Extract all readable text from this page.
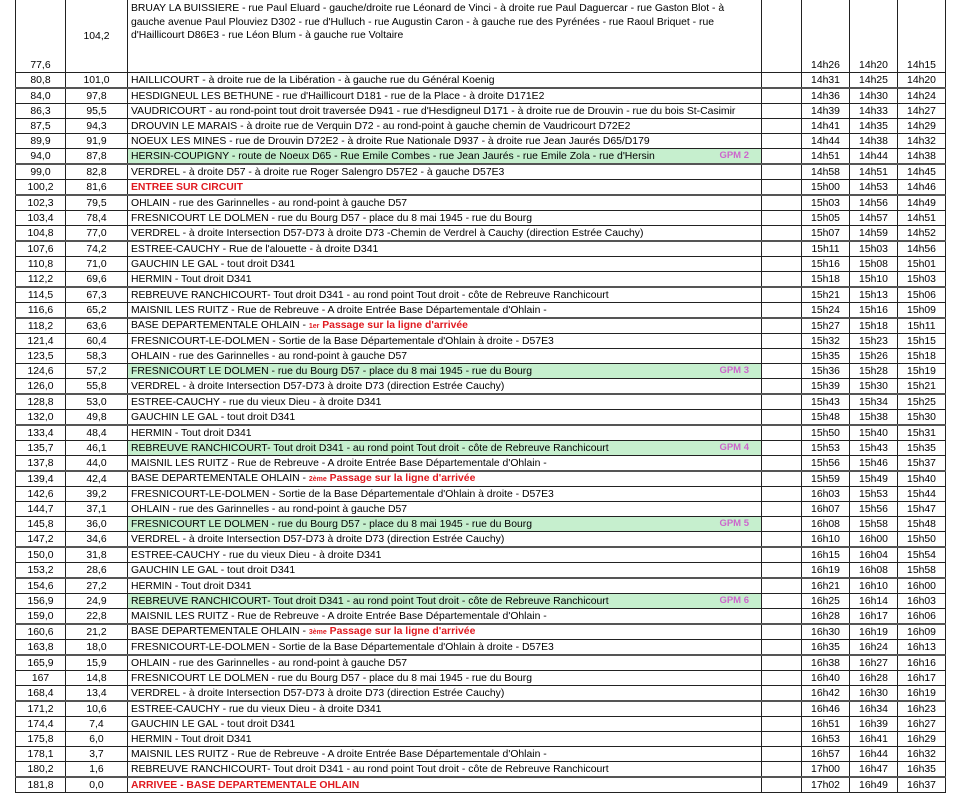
77,6	104,2	BRUAY LA BUISSIERE - rue Paul Eluard - gauche/droite rue Léonard de Vinci - à droite rue Paul Daguercar - rue Gaston Blot - à gauche avenue Paul Plouviez D302 - rue d'Hulluch - rue Augustin Caron - à gauche rue des Pyrénées - rue Raoul Briquet - rue d'Haillicourt D86E3 - rue Léon Blum - à gauche rue Voltaire		14h26	14h20	14h15
80,8	101,0	HAILLICOURT - à droite rue de la Libération - à gauche rue du Général Koenig		14h31	14h25	14h20
84,0	97,8	HESDIGNEUL LES BETHUNE - rue d'Haillicourt D181 - rue de la Place - à droite D171E2		14h36	14h30	14h24
86,3	95,5	VAUDRICOURT - au rond-point tout droit traversée D941 - rue d'Hesdigneul D171 - à droite rue de Drouvin - rue du bois St-Casimir		14h39	14h33	14h27
87,5	94,3	DROUVIN LE MARAIS - à droite rue de Verquin D72 - au rond-point à gauche chemin de Vaudricourt D72E2		14h41	14h35	14h29
89,9	91,9	NOEUX LES MINES - rue de Drouvin D72E2 - à droite Rue Nationale D937 - à droite rue Jean Jaurés D65/D179		14h44	14h38	14h32
94,0	87,8	HERSIN-COUPIGNY - route de Noeux D65 - Rue Emile Combes - rue Jean Jaurés - rue Emile Zola - rue d'Hersin GPM 2		14h51	14h44	14h38
99,0	82,8	VERDREL - à droite D57 - à droite rue Roger Salengro D57E2 - à gauche D57E3		14h58	14h51	14h45
100,2	81,6	ENTREE SUR CIRCUIT		15h00	14h53	14h46
102,3	79,5	OHLAIN - rue des Garinnelles - au rond-point à gauche D57		15h03	14h56	14h49
103,4	78,4	FRESNICOURT LE DOLMEN - rue du Bourg D57 - place du 8 mai 1945 - rue du Bourg		15h05	14h57	14h51
104,8	77,0	VERDREL - à droite Intersection D57-D73 à droite D73 -Chemin de Verdrel à Cauchy (direction Estrée Cauchy)		15h07	14h59	14h52
107,6	74,2	ESTREE-CAUCHY - Rue de l'alouette - à droite D341		15h11	15h03	14h56
110,8	71,0	GAUCHIN LE GAL - tout droit D341		15h16	15h08	15h01
112,2	69,6	HERMIN - Tout droit D341		15h18	15h10	15h03
114,5	67,3	REBREUVE RANCHICOURT- Tout droit D341 - au rond point Tout droit - côte de Rebreuve Ranchicourt		15h21	15h13	15h06
116,6	65,2	MAISNIL LES RUITZ - Rue de Rebreuve - A droite Entrée Base Départementale d'Ohlain -		15h24	15h16	15h09
118,2	63,6	BASE DEPARTEMENTALE OHLAIN - 1er Passage sur la ligne d'arrivée		15h27	15h18	15h11
121,4	60,4	FRESNICOURT-LE-DOLMEN - Sortie de la Base Départementale d'Ohlain à droite - D57E3		15h32	15h23	15h15
123,5	58,3	OHLAIN - rue des Garinnelles - au rond-point à gauche D57		15h35	15h26	15h18
124,6	57,2	FRESNICOURT LE DOLMEN - rue du Bourg D57 - place du 8 mai 1945 - rue du Bourg GPM 3		15h36	15h28	15h19
126,0	55,8	VERDREL - à droite Intersection D57-D73 à droite D73 (direction Estrée Cauchy)		15h39	15h30	15h21
128,8	53,0	ESTREE-CAUCHY - rue du vieux Dieu - à droite D341		15h43	15h34	15h25
132,0	49,8	GAUCHIN LE GAL - tout droit D341		15h48	15h38	15h30
133,4	48,4	HERMIN - Tout droit D341		15h50	15h40	15h31
135,7	46,1	REBREUVE RANCHICOURT- Tout droit D341 - au rond point Tout droit - côte de Rebreuve Ranchicourt GPM 4		15h53	15h43	15h35
137,8	44,0	MAISNIL LES RUITZ - Rue de Rebreuve - A droite Entrée Base Départementale d'Ohlain -		15h56	15h46	15h37
139,4	42,4	BASE DEPARTEMENTALE OHLAIN - 2ème Passage sur la ligne d'arrivée		15h59	15h49	15h40
142,6	39,2	FRESNICOURT-LE-DOLMEN - Sortie de la Base Départementale d'Ohlain à droite - D57E3		16h03	15h53	15h44
144,7	37,1	OHLAIN - rue des Garinnelles - au rond-point à gauche D57		16h07	15h56	15h47
145,8	36,0	FRESNICOURT LE DOLMEN - rue du Bourg D57 - place du 8 mai 1945 - rue du Bourg GPM 5		16h08	15h58	15h48
147,2	34,6	VERDREL - à droite Intersection D57-D73 à droite D73 (direction Estrée Cauchy)		16h10	16h00	15h50
150,0	31,8	ESTREE-CAUCHY - rue du vieux Dieu - à droite D341		16h15	16h04	15h54
153,2	28,6	GAUCHIN LE GAL - tout droit D341		16h19	16h08	15h58
154,6	27,2	HERMIN - Tout droit D341		16h21	16h10	16h00
156,9	24,9	REBREUVE RANCHICOURT- Tout droit D341 - au rond point Tout droit - côte de Rebreuve Ranchicourt GPM 6		16h25	16h14	16h03
159,0	22,8	MAISNIL LES RUITZ - Rue de Rebreuve - A droite Entrée Base Départementale d'Ohlain -		16h28	16h17	16h06
160,6	21,2	BASE DEPARTEMENTALE OHLAIN - 3ème Passage sur la ligne d'arrivée		16h30	16h19	16h09
163,8	18,0	FRESNICOURT-LE-DOLMEN - Sortie de la Base Départementale d'Ohlain à droite - D57E3		16h35	16h24	16h13
165,9	15,9	OHLAIN - rue des Garinnelles - au rond-point à gauche D57		16h38	16h27	16h16
167	14,8	FRESNICOURT LE DOLMEN - rue du Bourg D57 - place du 8 mai 1945 - rue du Bourg		16h40	16h28	16h17
168,4	13,4	VERDREL - à droite Intersection D57-D73 à droite D73 (direction Estrée Cauchy)		16h42	16h30	16h19
171,2	10,6	ESTREE-CAUCHY - rue du vieux Dieu - à droite D341		16h46	16h34	16h23
174,4	7,4	GAUCHIN LE GAL - tout droit D341		16h51	16h39	16h27
175,8	6,0	HERMIN - Tout droit D341		16h53	16h41	16h29
178,1	3,7	MAISNIL LES RUITZ - Rue de Rebreuve - A droite Entrée Base Départementale d'Ohlain -		16h57	16h44	16h32
180,2	1,6	REBREUVE RANCHICOURT- Tout droit D341 - au rond point Tout droit - côte de Rebreuve Ranchicourt		17h00	16h47	16h35
181,8	0,0	ARRIVEE - BASE DEPARTEMENTALE OHLAIN		17h02	16h49	16h37
